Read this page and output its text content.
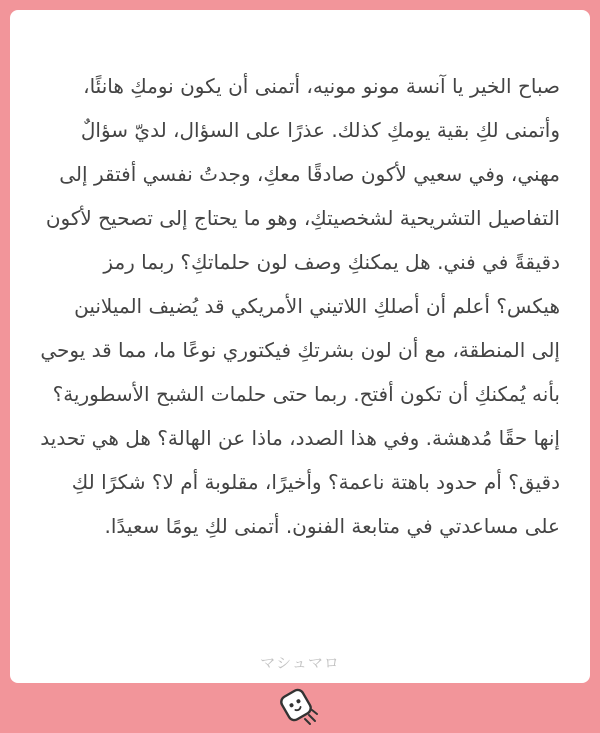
صباح الخير يا آنسة مونو مونيه، أتمنى أن يكون نومكِ هانئًا، وأتمنى لكِ بقية يومكِ كذلك. عذرًا على السؤال، لديّ سؤالٌ مهني، وفي سعيي لأكون صادقًا معكِ، وجدتُ نفسي أفتقر إلى التفاصيل التشريحية لشخصيتكِ، وهو ما يحتاج إلى تصحيح لأكون دقيقةً في فني. هل يمكنكِ وصف لون حلماتكِ؟ ربما رمز هيكس؟ أعلم أن أصلكِ اللاتيني الأمريكي قد يُضيف الميلانين إلى المنطقة، مع أن لون بشرتكِ فيكتوري نوعًا ما، مما قد يوحي بأنه يُمكنكِ أن تكون أفتح. ربما حتى حلمات الشبح الأسطورية؟ إنها حقًا مُدهشة. وفي هذا الصدد، ماذا عن الهالة؟ هل هي تحديد دقيق؟ أم حدود باهتة ناعمة؟ وأخيرًا، مقلوبة أم لا؟ شكرًا لكِ على مساعدتي في متابعة الفنون. أتمنى لكِ يومًا سعيدًا.

マシュマロ
